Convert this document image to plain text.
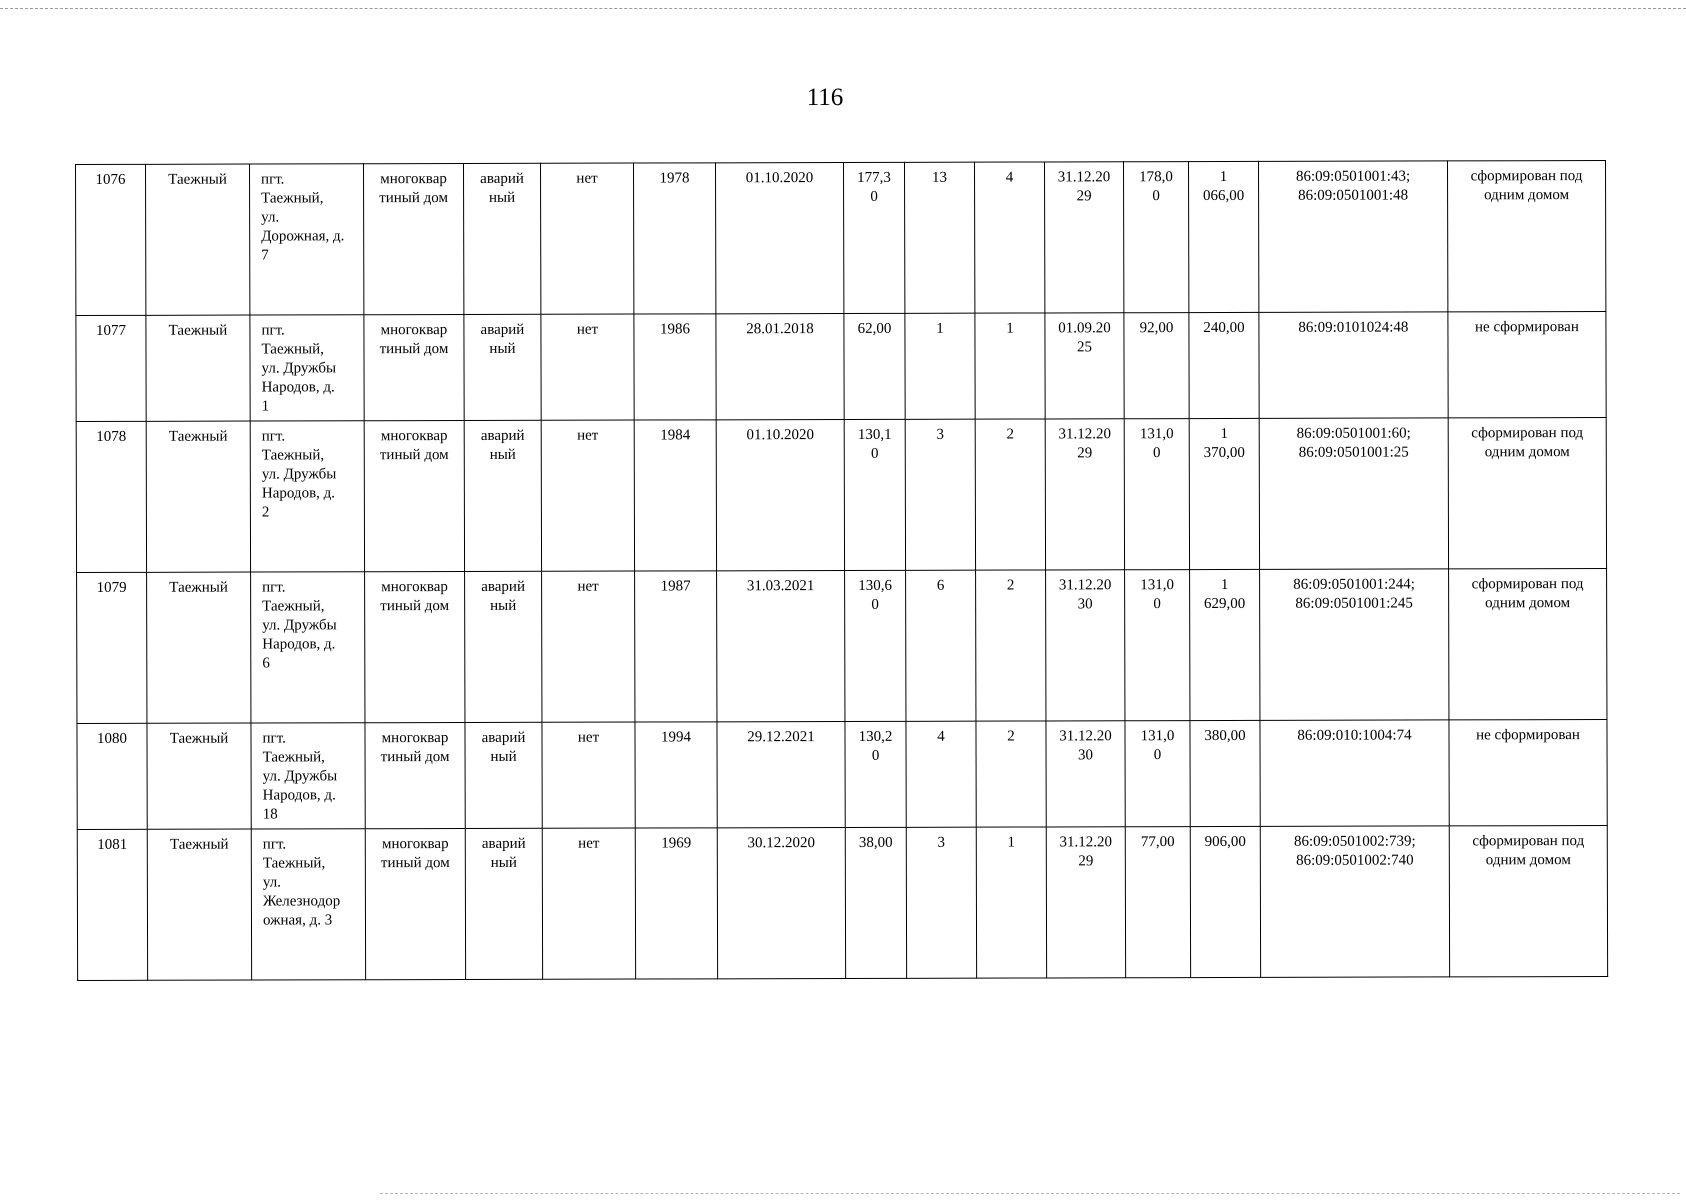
116
1076	Таежный	пгт.
Таежный,
ул.
Дорожная, д.
7	многоквар
тиный дом	аварий
ный	нет	1978	01.10.2020	177,3
0	13	4	31.12.20
29	178,0
0	1
066,00	86:09:0501001:43;
86:09:0501001:48	сформирован под
одним домом
1077	Таежный	пгт.
Таежный,
ул. Дружбы
Народов, д.
1	многоквар
тиный дом	аварий
ный	нет	1986	28.01.2018	62,00	1	1	01.09.20
25	92,00	240,00	86:09:0101024:48	не сформирован
1078	Таежный	пгт.
Таежный,
ул. Дружбы
Народов, д.
2	многоквар
тиный дом	аварий
ный	нет	1984	01.10.2020	130,1
0	3	2	31.12.20
29	131,0
0	1
370,00	86:09:0501001:60;
86:09:0501001:25	сформирован под
одним домом
1079	Таежный	пгт.
Таежный,
ул. Дружбы
Народов, д.
6	многоквар
тиный дом	аварий
ный	нет	1987	31.03.2021	130,6
0	6	2	31.12.20
30	131,0
0	1
629,00	86:09:0501001:244;
86:09:0501001:245	сформирован под
одним домом
1080	Таежный	пгт.
Таежный,
ул. Дружбы
Народов, д.
18	многоквар
тиный дом	аварий
ный	нет	1994	29.12.2021	130,2
0	4	2	31.12.20
30	131,0
0	380,00	86:09:010:1004:74	не сформирован
1081	Таежный	пгт.
Таежный,
ул.
Железнодор
ожная, д. 3	многоквар
тиный дом	аварий
ный	нет	1969	30.12.2020	38,00	3	1	31.12.20
29	77,00	906,00	86:09:0501002:739;
86:09:0501002:740	сформирован под
одним домом
